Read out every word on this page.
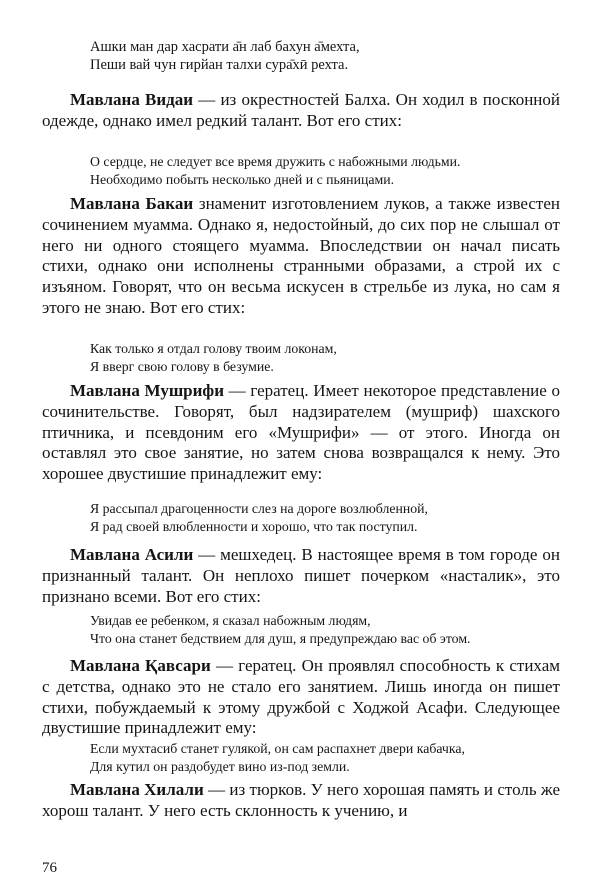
Ашки ман дар хасрати а̄н лаб бахун а̄мехта,
Пеши вай чун гирйан талхи сура̄хӣ рехта.

Мавлана Видаи — из окрестностей Балха. Он ходил в посконной одежде, однако имел редкий талант. Вот его стих:

О сердце, не следует все время дружить с набожными людьми.
Необходимо побыть несколько дней и с пьяницами.

Мавлана Бакаи знаменит изготовлением луков, а также известен сочинением муамма. Однако я, недостойный, до сих пор не слышал от него ни одного стоящего муамма. Впоследствии он начал писать стихи, однако они исполнены странными образами, а строй их с изъяном. Говорят, что он весьма искусен в стрельбе из лука, но сам я этого не знаю. Вот его стих:

Как только я отдал голову твоим локонам,
Я вверг свою голову в безумие.

Мавлана Мушрифи — гератец. Имеет некоторое представление о сочинительстве. Говорят, был надзирателем (мушриф) шахского птичника, и псевдоним его «Мушрифи» — от этого. Иногда он оставлял это свое занятие, но затем снова возвращался к нему. Это хорошее двустишие принадлежит ему:

Я рассыпал драгоценности слез на дороге возлюбленной,
Я рад своей влюбленности и хорошо, что так поступил.

Мавлана Асили — мешхедец. В настоящее время в том городе он признанный талант. Он неплохо пишет почерком «насталик», это признано всеми. Вот его стих:

Увидав ее ребенком, я сказал набожным людям,
Что она станет бедствием для душ, я предупреждаю вас об этом.

Мавлана Қавсари — гератец. Он проявлял способность к стихам с детства, однако это не стало его занятием. Лишь иногда он пишет стихи, побуждаемый к этому дружбой с Ходжой Асафи. Следующее двустишие принадлежит ему:

Если мухтасиб станет гулякой, он сам распахнет двери кабачка,
Для кутил он раздобудет вино из-под земли.

Мавлана Хилали — из тюрков. У него хорошая память и столь же хорош талант. У него есть склонность к учению, и

76
